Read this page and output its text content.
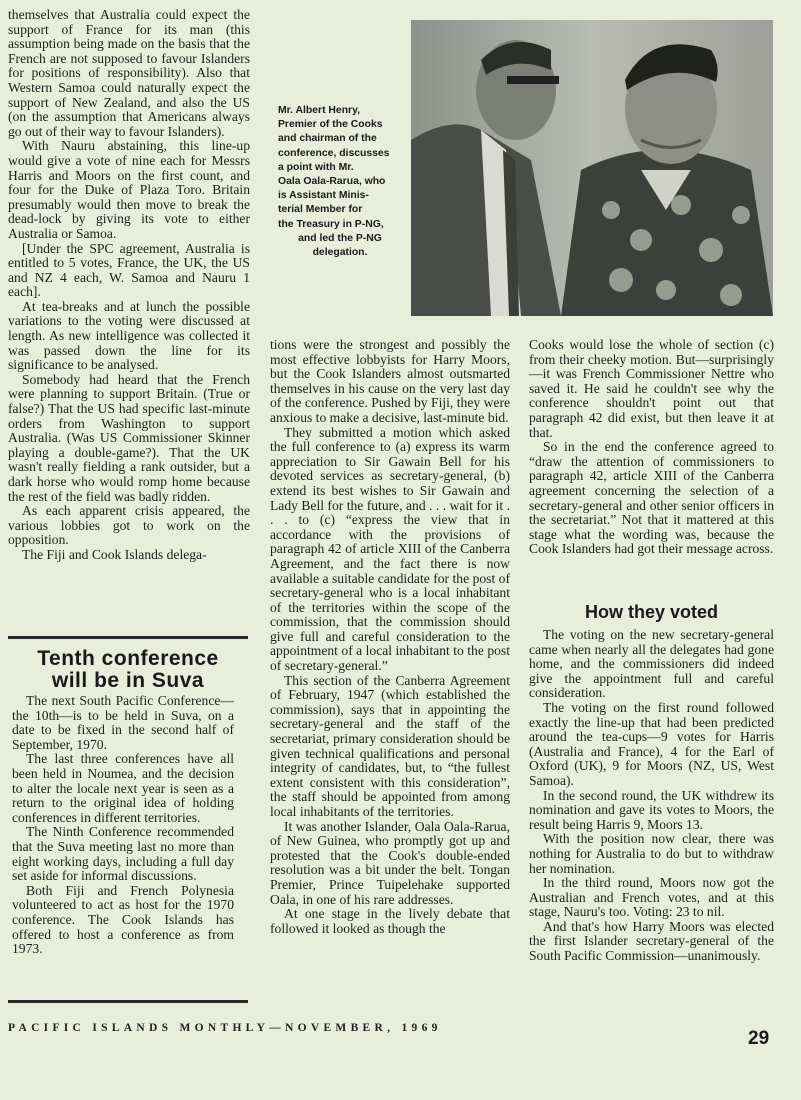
themselves that Australia could expect the support of France for its man (this assumption being made on the basis that the French are not supposed to favour Islanders for positions of responsibility). Also that Western Samoa could naturally expect the support of New Zealand, and also the US (on the assumption that Americans always go out of their way to favour Islanders).

With Nauru abstaining, this line-up would give a vote of nine each for Messrs Harris and Moors on the first count, and four for the Duke of Plaza Toro. Britain presumably would then move to break the dead-lock by giving its vote to either Australia or Samoa.

[Under the SPC agreement, Australia is entitled to 5 votes, France, the UK, the US and NZ 4 each, W. Samoa and Nauru 1 each].

At tea-breaks and at lunch the possible variations to the voting were discussed at length. As new intelligence was collected it was passed down the line for its significance to be analysed.

Somebody had heard that the French were planning to support Britain. (True or false?) That the US had specific last-minute orders from Washington to support Australia. (Was US Commissioner Skinner playing a double-game?). That the UK wasn't really fielding a rank outsider, but a dark horse who would romp home because the rest of the field was badly ridden.

As each apparent crisis appeared, the various lobbies got to work on the opposition.

The Fiji and Cook Islands delega-

Mr. Albert Henry,
Premier of the Cooks
and chairman of the
conference, discusses
a point with Mr.
Oala Oala-Rarua, who
is Assistant Minis-
terial Member for
the Treasury in P-NG,
and led the P-NG
delegation.
Tenth conference
will be in Suva

The next South Pacific Conference—the 10th—is to be held in Suva, on a date to be fixed in the second half of September, 1970.

The last three conferences have all been held in Noumea, and the decision to alter the locale next year is seen as a return to the original idea of holding conferences in different territories.

The Ninth Conference recommended that the Suva meeting last no more than eight working days, including a full day set aside for informal discussions.

Both Fiji and French Polynesia volunteered to act as host for the 1970 conference. The Cook Islands has offered to host a conference as from 1973.

tions were the strongest and possibly the most effective lobbyists for Harry Moors, but the Cook Islanders almost outsmarted themselves in his cause on the very last day of the conference. Pushed by Fiji, they were anxious to make a decisive, last-minute bid.

They submitted a motion which asked the full conference to (a) express its warm appreciation to Sir Gawain Bell for his devoted services as secretary-general, (b) extend its best wishes to Sir Gawain and Lady Bell for the future, and . . . wait for it . . . to (c) “express the view that in accordance with the provisions of paragraph 42 of article XIII of the Canberra Agreement, and the fact there is now available a suitable candidate for the post of secretary-general who is a local inhabitant of the territories within the scope of the commission, that the commission should give full and careful consideration to the appointment of a local inhabitant to the post of secretary-general.”

This section of the Canberra Agreement of February, 1947 (which established the commission), says that in appointing the secretary-general and the staff of the secretariat, primary consideration should be given technical qualifications and personal integrity of candidates, but, to “the fullest extent consistent with this consideration”, the staff should be appointed from among local inhabitants of the territories.

It was another Islander, Oala Oala-Rarua, of New Guinea, who promptly got up and protested that the Cook's double-ended resolution was a bit under the belt. Tongan Premier, Prince Tuipelehake supported Oala, in one of his rare addresses.

At one stage in the lively debate that followed it looked as though the

Cooks would lose the whole of section (c) from their cheeky motion. But—surprisingly—it was French Commissioner Nettre who saved it. He said he couldn't see why the conference shouldn't point out that paragraph 42 did exist, but then leave it at that.

So in the end the conference agreed to “draw the attention of commissioners to paragraph 42, article XIII of the Canberra agreement concerning the selection of a secretary-general and other senior officers in the secretariat.” Not that it mattered at this stage what the wording was, because the Cook Islanders had got their message across.

How they voted

The voting on the new secretary-general came when nearly all the delegates had gone home, and the commissioners did indeed give the appointment full and careful consideration.

The voting on the first round followed exactly the line-up that had been predicted around the tea-cups—9 votes for Harris (Australia and France), 4 for the Earl of Oxford (UK), 9 for Moors (NZ, US, West Samoa).

In the second round, the UK withdrew its nomination and gave its votes to Moors, the result being Harris 9, Moors 13.

With the position now clear, there was nothing for Australia to do but to withdraw her nomination.

In the third round, Moors now got the Australian and French votes, and at this stage, Nauru's too. Voting: 23 to nil.

And that's how Harry Moors was elected the first Islander secretary-general of the South Pacific Commission—unanimously.

PACIFIC ISLANDS MONTHLY—NOVEMBER, 1969	29
